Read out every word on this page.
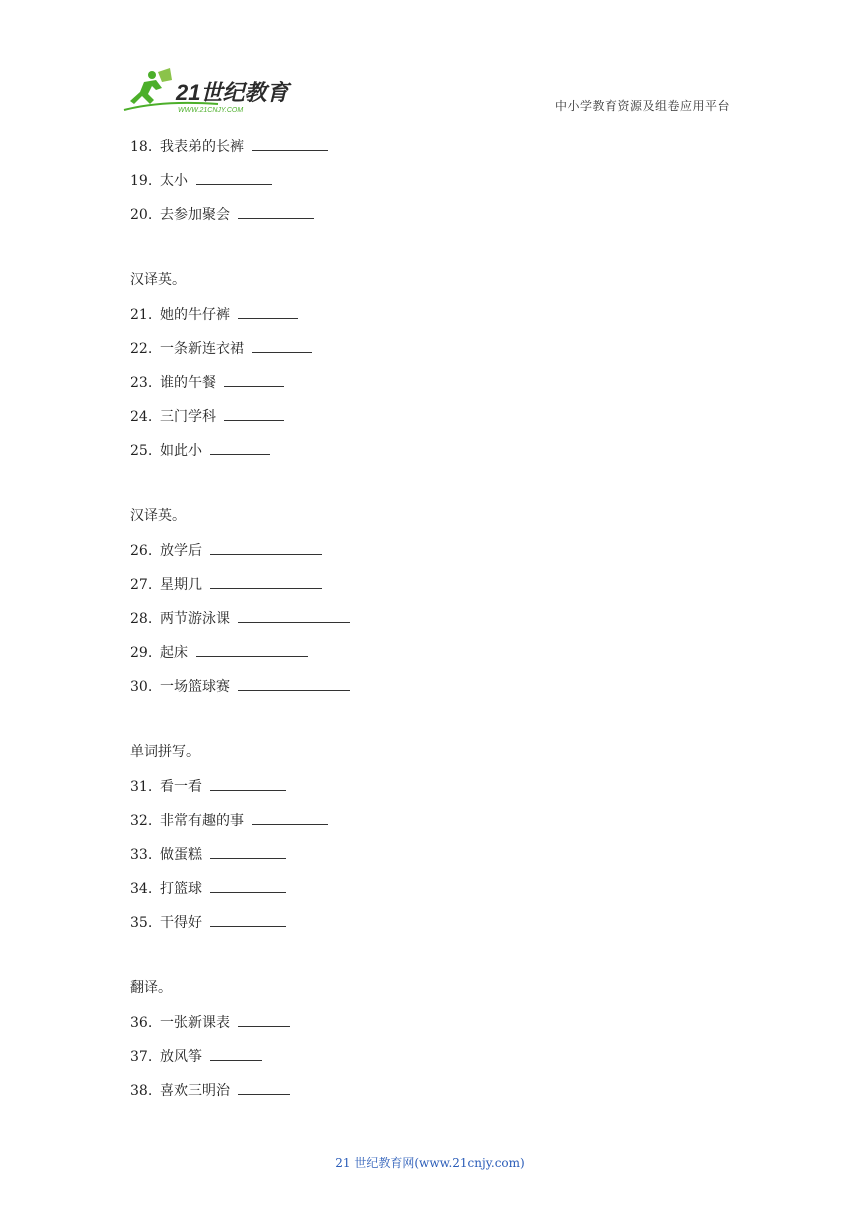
21世纪教育
WWW.21CNJY.COM	中小学教育资源及组卷应用平台
18. 我表弟的长裤
19. 太小
20. 去参加聚会
汉译英。
21. 她的牛仔裤
22. 一条新连衣裙
23. 谁的午餐
24. 三门学科
25. 如此小
汉译英。
26. 放学后
27. 星期几
28. 两节游泳课
29. 起床
30. 一场篮球赛
单词拼写。
31. 看一看
32. 非常有趣的事
33. 做蛋糕
34. 打篮球
35. 干得好
翻译。
36. 一张新课表
37. 放风筝
38. 喜欢三明治
21 世纪教育网(www.21cnjy.com)
